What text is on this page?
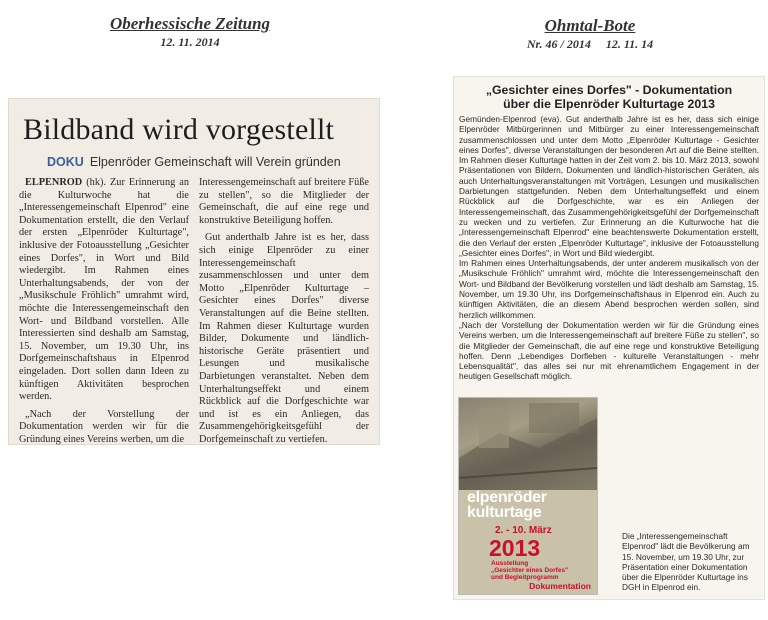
Oberhessische Zeitung
12. 11. 2014
Ohmtal-Bote
Nr. 46 / 2014     12. 11. 14
Bildband wird vorgestellt
DOKU Elpenröder Gemeinschaft will Verein gründen

ELPENROD (hk). Zur Erinnerung an die Kulturwoche hat die „Interessengemeinschaft Elpenrod" eine Dokumentation erstellt, die den Verlauf der ersten „Elpenröder Kulturtage", inklusive der Fotoausstellung „Gesichter eines Dorfes", in Wort und Bild wiedergibt. Im Rahmen eines Unterhaltungsabends, der von der „Musikschule Fröhlich" umrahmt wird, möchte die Interessengemeinschaft den Wort- und Bildband vorstellen. Alle Interessierten sind deshalb am Samstag, 15. November, um 19.30 Uhr, ins Dorfgemeinschaftshaus in Elpenrod eingeladen. Dort sollen dann Ideen zu künftigen Aktivitäten besprochen werden.

„Nach der Vorstellung der Dokumentation werden wir für die Gründung eines Vereins werben, um die

Interessengemeinschaft auf breitere Füße zu stellen", so die Mitglieder der Gemeinschaft, die auf eine rege und konstruktive Beteiligung hoffen.

Gut anderthalb Jahre ist es her, dass sich einige Elpenröder zu einer Interessengemeinschaft zusammenschlossen und unter dem Motto „Elpenröder Kulturtage – Gesichter eines Dorfes" diverse Veranstaltungen auf die Beine stellten. Im Rahmen dieser Kulturtage wurden Bilder, Dokumente und ländlich-historische Geräte präsentiert und Lesungen und musikalische Darbietungen veranstaltet. Neben dem Unterhaltungseffekt und einem Rückblick auf die Dorfgeschichte war und ist es ein Anliegen, das Zusammengehörigkeitsgefühl der Dorfgemeinschaft zu vertiefen.

„Gesichter eines Dorfes" - Dokumentation
über die Elpenröder Kulturtage 2013

Gemünden-Elpenrod (eva). Gut anderthalb Jahre ist es her, dass sich einige Elpenröder Mitbürgerinnen und Mitbürger zu einer Interessengemeinschaft zusammenschlossen und unter dem Motto „Elpenröder Kulturtage - Gesichter eines Dorfes", diverse Veranstaltungen der besonderen Art auf die Beine stellten. Im Rahmen dieser Kulturtage hatten in der Zeit vom 2. bis 10. März 2013, sowohl Präsentationen von Bildern, Dokumenten und ländlich-historischen Geräten, als auch Unterhaltungsveranstaltungen mit Vorträgen, Lesungen und musikalischen Darbietungen stattgefunden. Neben dem Unterhaltungseffekt und einem Rückblick auf die Dorfgeschichte, war es ein Anliegen der Interessengemeinschaft, das Zusammengehörigkeitsgefühl der Dorfgemeinschaft zu wecken und zu vertiefen. Zur Erinnerung an die Kulturwoche hat die „Interessengemeinschaft Elpenrod" eine beachtenswerte Dokumentation erstellt, die den Verlauf der ersten „Elpenröder Kulturtage", inklusive der Fotoausstellung „Gesichter eines Dorfes", in Wort und Bild wiedergibt.

Im Rahmen eines Unterhaltungsabends, der unter anderem musikalisch von der „Musikschule Fröhlich" umrahmt wird, möchte die Interessengemeinschaft den Wort- und Bildband der Bevölkerung vorstellen und lädt deshalb am Samstag, 15. November, um 19.30 Uhr, ins Dorfgemeinschaftshaus in Elpenrod ein. Auch zu künftigen Aktivitäten, die an diesem Abend besprochen werden sollen, sind herzlich willkommen.

„Nach der Vorstellung der Dokumentation werden wir für die Gründung eines Vereins werben, um die Interessengemeinschaft auf breitere Füße zu stellen", so die Mitglieder der Gemeinschaft, die auf eine rege und konstruktive Beteiligung hoffen. Denn „Lebendiges Dorfleben - kulturelle Veranstaltungen - mehr Lebensqualität", das alles sei nur mit ehrenamtlichem Engagement in der heutigen Gesellschaft möglich.

elpenröder
kulturtage
2. - 10. März
2013
Ausstellung
„Gesichter eines Dorfes"
und Begleitprogramm
Dokumentation
Die „Interessengemeinschaft Elpenrod" lädt die Bevölkerung am 15. November, um 19.30 Uhr, zur Präsentation einer Dokumentation über die Elpenröder Kulturtage ins DGH in Elpenrod ein.
